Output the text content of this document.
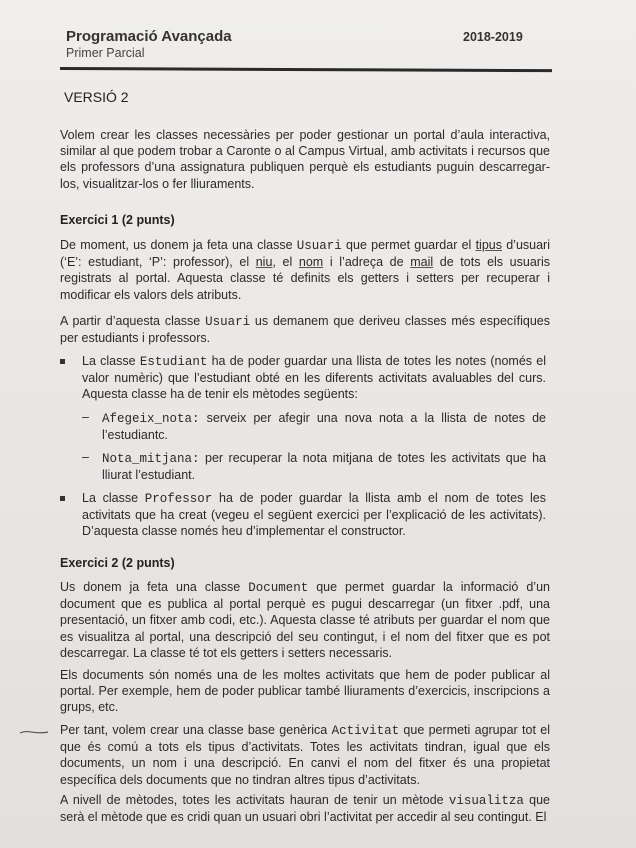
Programació Avançada
Primer Parcial
2018-2019
VERSIÓ 2
Volem crear les classes necessàries per poder gestionar un portal d’aula interactiva, similar al que podem trobar a Caronte o al Campus Virtual, amb activitats i recursos que els professors d’una assignatura publiquen perquè els estudiants puguin descarregar-los, visualitzar-los o fer lliuraments.
Exercici 1 (2 punts)
De moment, us donem ja feta una classe Usuari que permet guardar el tipus d’usuari (‘E’: estudiant, ‘P’: professor), el niu, el nom i l’adreça de mail de tots els usuaris registrats al portal. Aquesta classe té definits els getters i setters per recuperar i modificar els valors dels atributs.
A partir d’aquesta classe Usuari us demanem que deriveu classes més específiques per estudiants i professors.
La classe Estudiant ha de poder guardar una llista de totes les notes (només el valor numèric) que l’estudiant obté en les diferents activitats avaluables del curs. Aquesta classe ha de tenir els mètodes següents:
– Afegeix_nota: serveix per afegir una nova nota a la llista de notes de l’estudiantc.
– Nota_mitjana: per recuperar la nota mitjana de totes les activitats que ha lliurat l’estudiant.
La classe Professor ha de poder guardar la llista amb el nom de totes les activitats que ha creat (vegeu el següent exercici per l’explicació de les activitats). D’aquesta classe només heu d’implementar el constructor.
Exercici 2 (2 punts)
Us donem ja feta una classe Document que permet guardar la informació d’un document que es publica al portal perquè es pugui descarregar (un fitxer .pdf, una presentació, un fitxer amb codi, etc.). Aquesta classe té atributs per guardar el nom que es visualitza al portal, una descripció del seu contingut, i el nom del fitxer que es pot descarregar. La classe té tot els getters i setters necessaris.
Els documents són només una de les moltes activitats que hem de poder publicar al portal. Per exemple, hem de poder publicar també lliuraments d’exercicis, inscripcions a grups, etc.
Per tant, volem crear una classe base genèrica Activitat que permeti agrupar tot el que és comú a tots els tipus d’activitats. Totes les activitats tindran, igual que els documents, un nom i una descripció. En canvi el nom del fitxer és una propietat específica dels documents que no tindran altres tipus d’activitats.
A nivell de mètodes, totes les activitats hauran de tenir un mètode visualitza que serà el mètode que es cridi quan un usuari obri l’activitat per accedir al seu contingut. El
